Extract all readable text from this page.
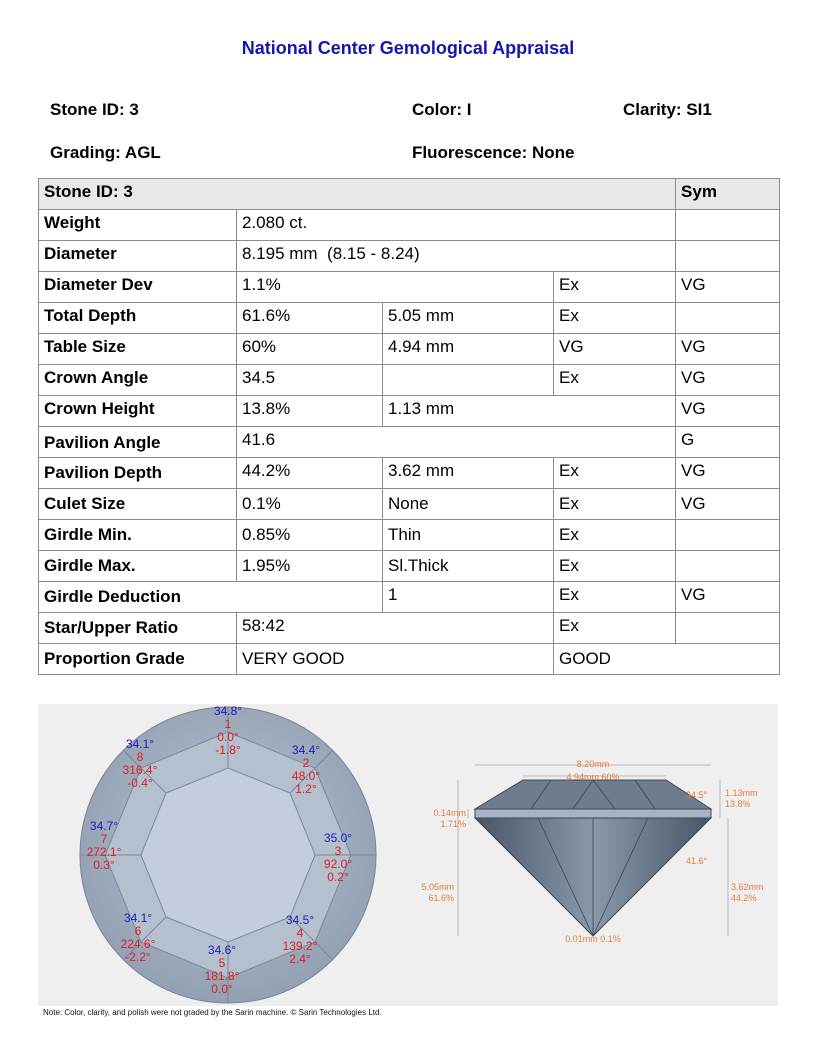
National Center Gemological Appraisal
Stone ID: 3	Color: I	Clarity: SI1
Grading: AGL	Fluorescence: None
Stone ID: 3				Sym
Weight	2.080 ct.			
Diameter	8.195 mm  (8.15 - 8.24)			
Diameter Dev	1.1%		Ex	VG
Total Depth	61.6%	5.05 mm	Ex	
Table Size	60%	4.94 mm	VG	VG
Crown Angle	34.5		Ex	VG
Crown Height	13.8%	1.13 mm		VG
Pavilion Angle	41.6			G
Pavilion Depth	44.2%	3.62 mm	Ex	VG
Culet Size	0.1%	None	Ex	VG
Girdle Min.	0.85%	Thin	Ex	
Girdle Max.	1.95%	Sl.Thick	Ex	
Girdle Deduction		1	Ex	VG
Star/Upper Ratio	58:42		Ex	
Proportion Grade	VERY GOOD		GOOD	
34.8°
1
0.0°
-1.8°	34.4°
2
48.0°
1.2°
35.0°
3
92.0°
0.2°
34.5°
4
139.2°
2.4°
34.6°
5
181.8°
0.0°
34.1°
6
224.6°
-2.2°
34.7°
7
272.1°
0.3°
34.1°
8
316.4°
-0.4°
8.20mm
4.94mm 60%
34.5° 1.13mm
13.8%
0.14mm
1.71%
41.6°
5.05mm
61.6%
3.62mm
44.2%
0.01mm 0.1%
Note: Color, clarity, and polish were not graded by the Sarin machine. © Sarin Technologies Ltd.
